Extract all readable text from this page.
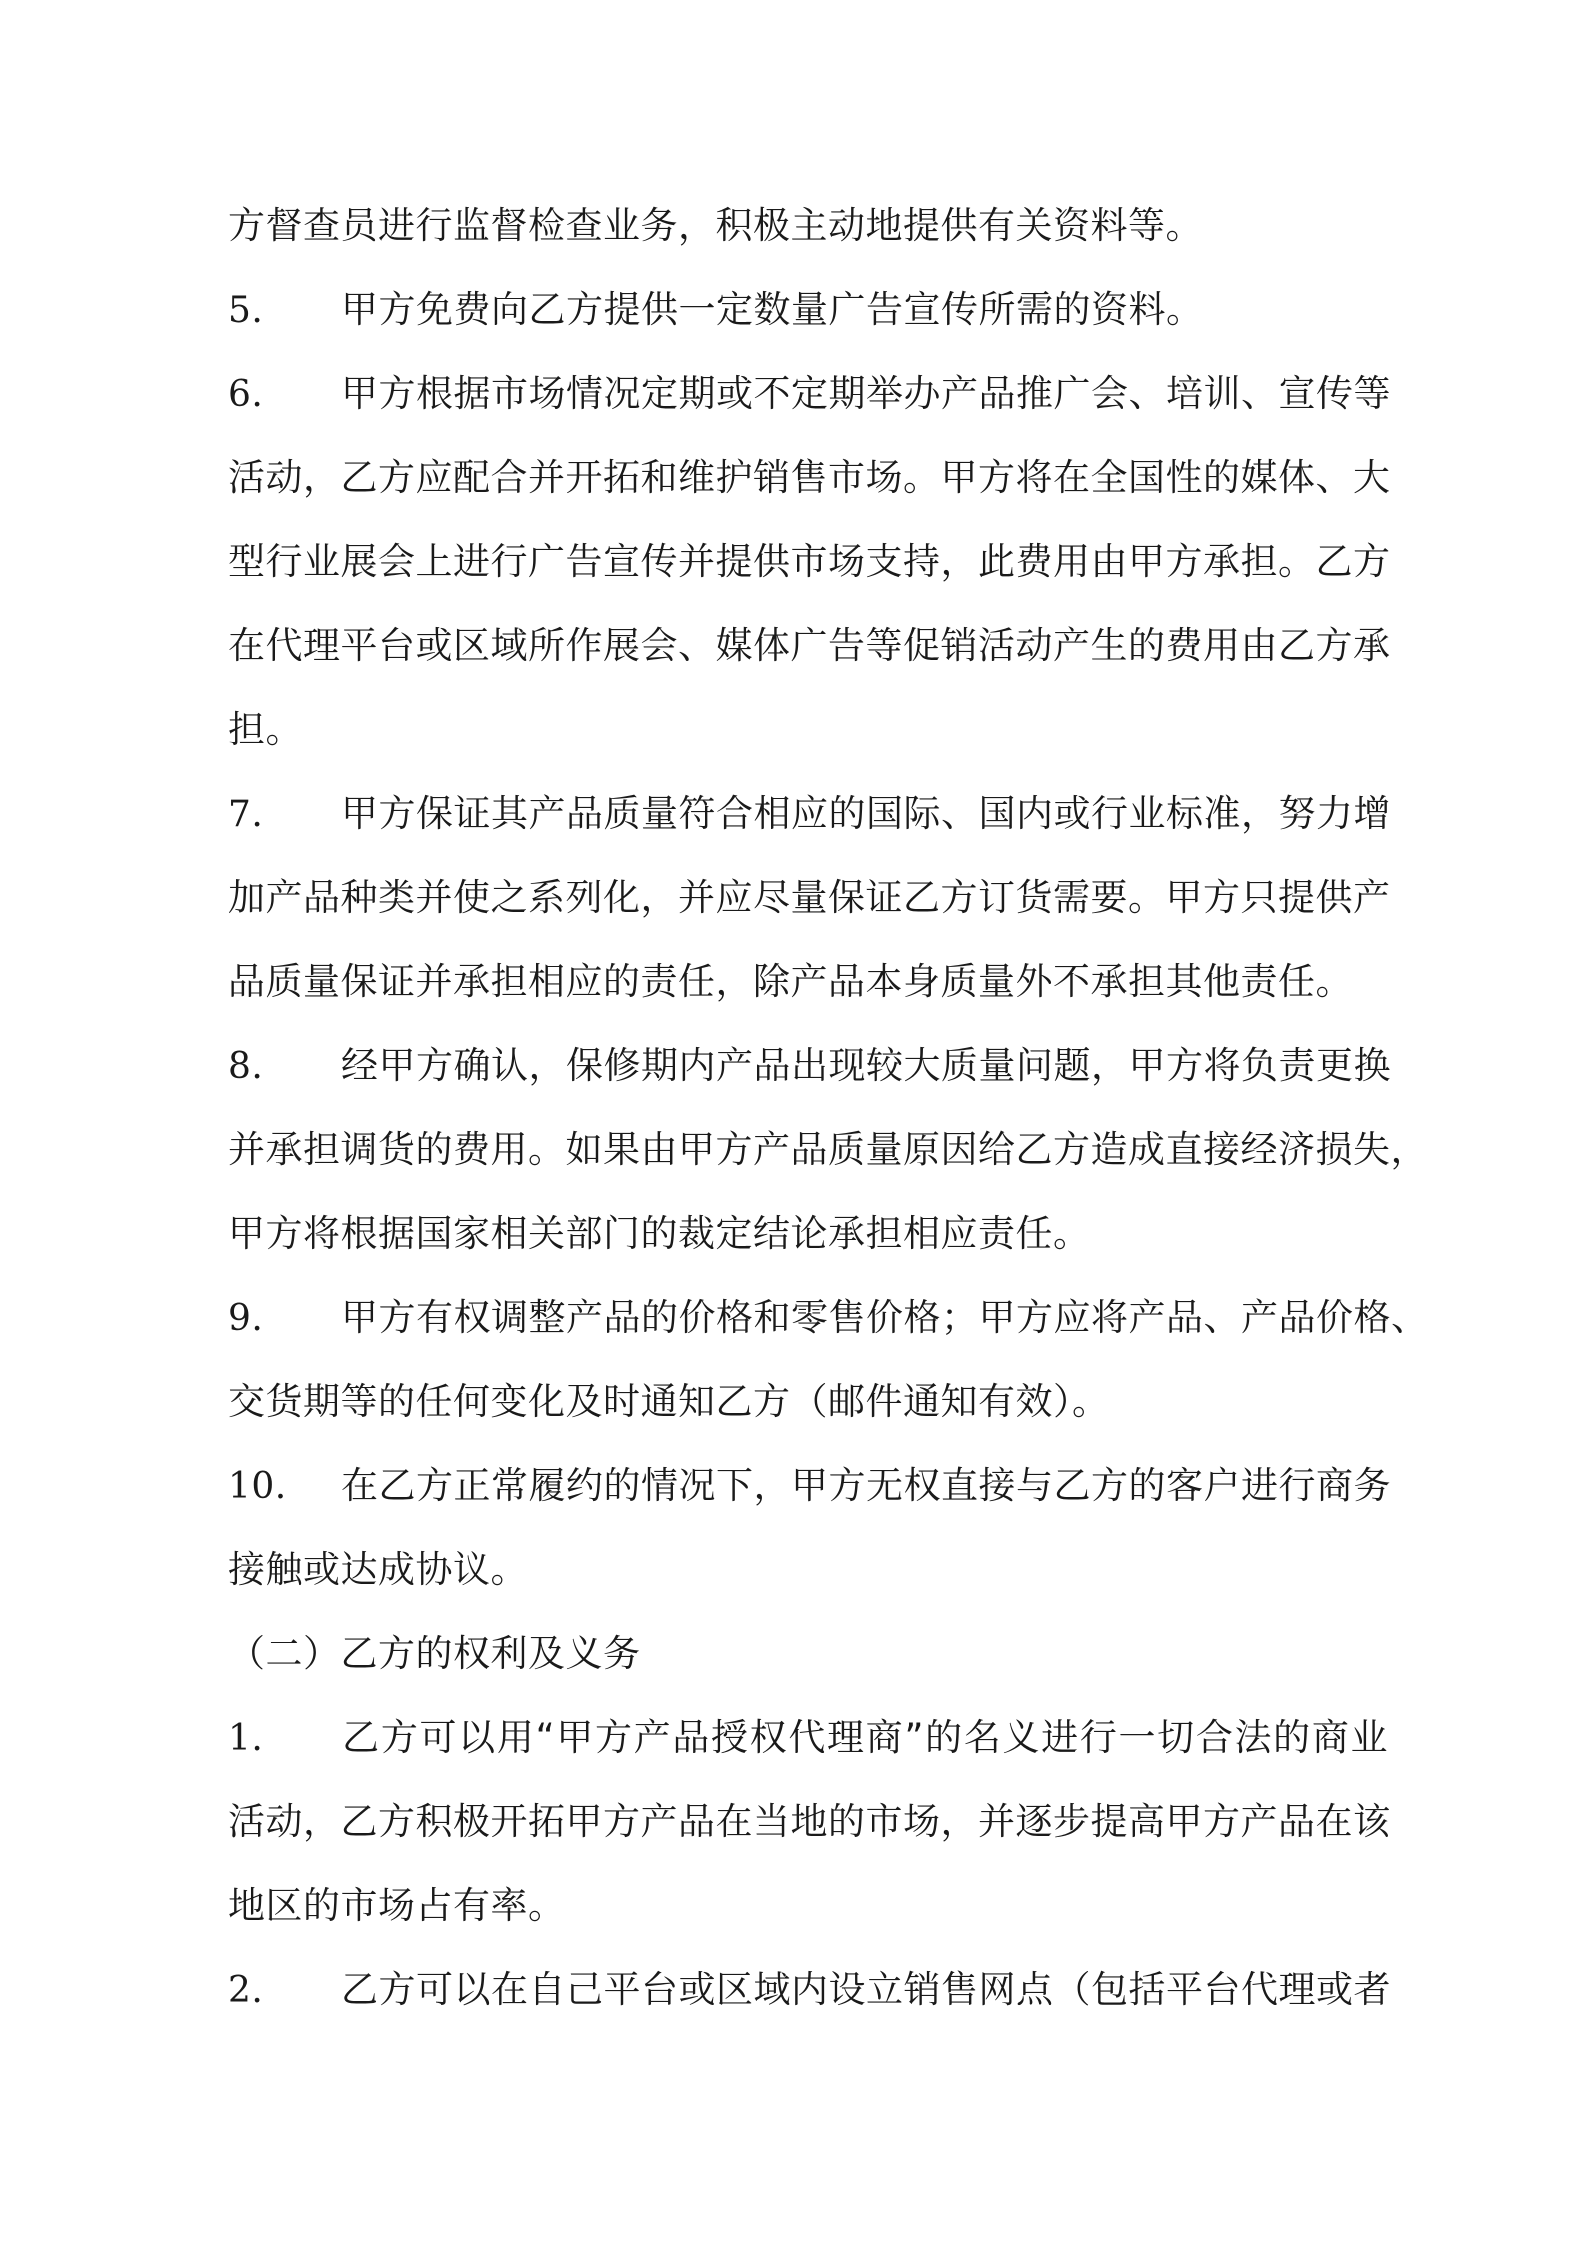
方督查员进行监督检查业务，积极主动地提供有关资料等。
5. 甲方免费向乙方提供一定数量广告宣传所需的资料。
6. 甲方根据市场情况定期或不定期举办产品推广会、培训、宣传等
活动，乙方应配合并开拓和维护销售市场。甲方将在全国性的媒体、大
型行业展会上进行广告宣传并提供市场支持，此费用由甲方承担。乙方
在代理平台或区域所作展会、媒体广告等促销活动产生的费用由乙方承
担。
7. 甲方保证其产品质量符合相应的国际、国内或行业标准，努力增
加产品种类并使之系列化，并应尽量保证乙方订货需要。甲方只提供产
品质量保证并承担相应的责任，除产品本身质量外不承担其他责任。
8. 经甲方确认，保修期内产品出现较大质量问题，甲方将负责更换
并承担调货的费用。如果由甲方产品质量原因给乙方造成直接经济损失，
甲方将根据国家相关部门的裁定结论承担相应责任。
9. 甲方有权调整产品的价格和零售价格；甲方应将产品、产品价格、
交货期等的任何变化及时通知乙方（邮件通知有效）。
10. 在乙方正常履约的情况下，甲方无权直接与乙方的客户进行商务
接触或达成协议。
（二）乙方的权利及义务
1. 乙方可以用“甲方产品授权代理商”的名义进行一切合法的商业
活动，乙方积极开拓甲方产品在当地的市场，并逐步提高甲方产品在该
地区的市场占有率。
2. 乙方可以在自己平台或区域内设立销售网点（包括平台代理或者
